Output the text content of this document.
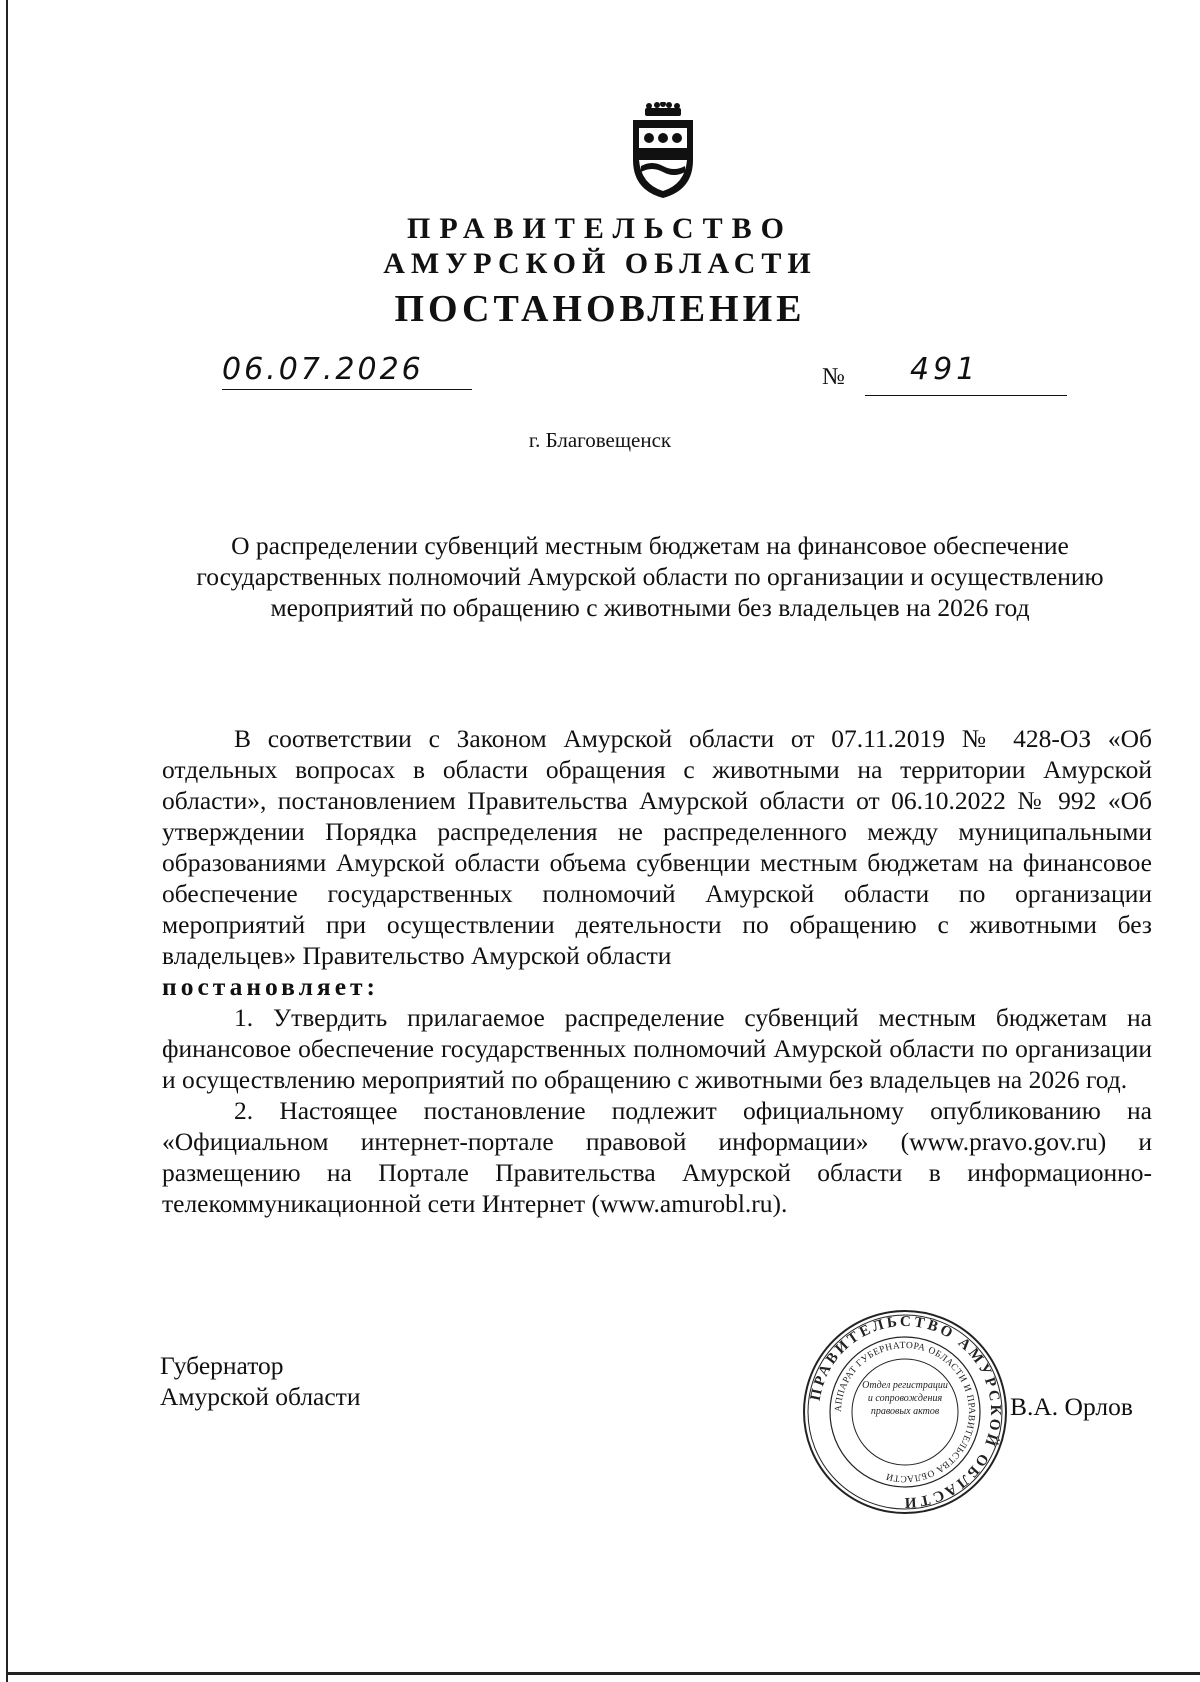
ПРАВИТЕЛЬСТВО

АМУРСКОЙ ОБЛАСТИ

ПОСТАНОВЛЕНИЕ

06.07.2026	№ 491
г. Благовещенск
О распределении субвенций местным бюджетам на финансовое обеспечение государственных полномочий Амурской области по организации и осуществлению мероприятий по обращению с животными без владельцев на 2026 год

В соответствии с Законом Амурской области от 07.11.2019 № 428-ОЗ «Об отдельных вопросах в области обращения с животными на территории Амурской области», постановлением Правительства Амурской области от 06.10.2022 № 992 «Об утверждении Порядка распределения не распределенного между муниципальными образованиями Амурской области объема субвенции местным бюджетам на финансовое обеспечение государственных полномочий Амурской области по организации мероприятий при осуществлении деятельности по обращению с животными без владельцев» Правительство Амурской области

постановляет:

1. Утвердить прилагаемое распределение субвенций местным бюджетам на финансовое обеспечение государственных полномочий Амурской области по организации и осуществлению мероприятий по обращению с животными без владельцев на 2026 год.

2. Настоящее постановление подлежит официальному опубликованию на «Официальном интернет-портале правовой информации» (www.pravo.gov.ru) и размещению на Портале Правительства Амурской области в информационно-телекоммуникационной сети Интернет (www.amurobl.ru).

Губернатор
Амурской области	В.А. Орлов
ПРАВИТЕЛЬСТВО АМУРСКОЙ ОБЛАСТИ
АППАРАТ ГУБЕРНАТОРА ОБЛАСТИ И ПРАВИТЕЛЬСТВА ОБЛАСТИ
Отдел регистрации и сопровождения правовых актов
